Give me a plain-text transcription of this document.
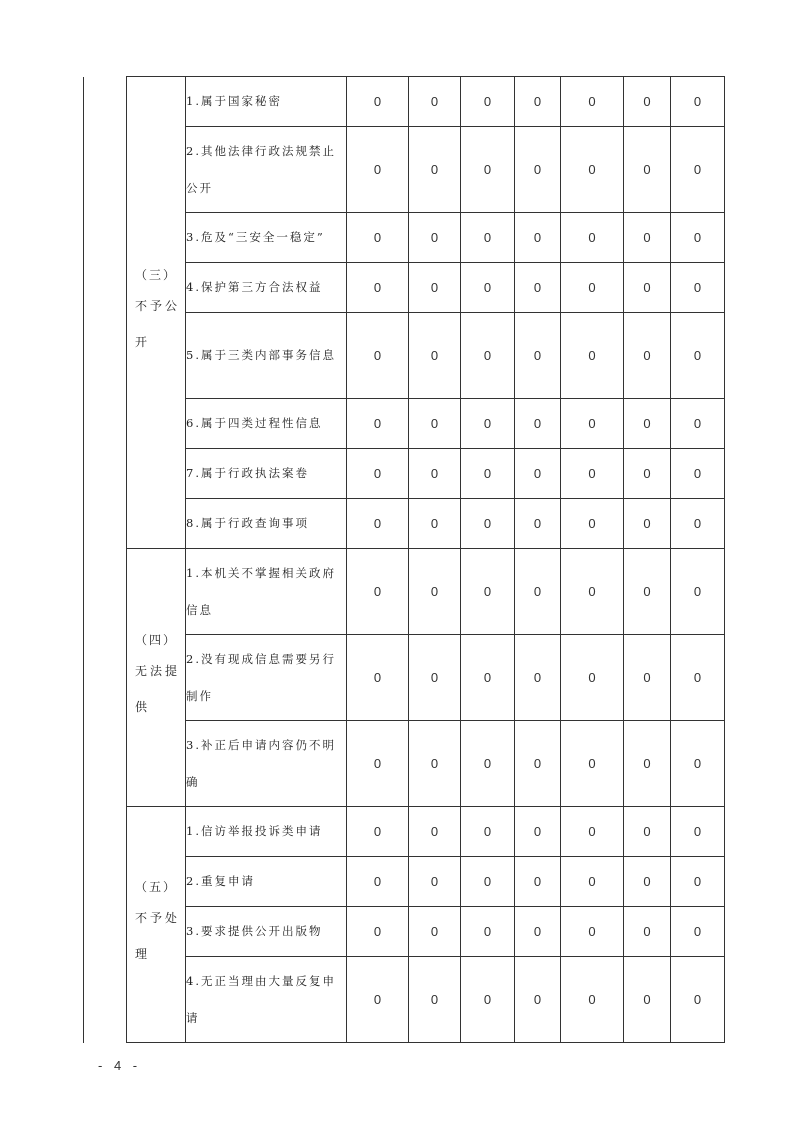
	（三）
不予公
开	1.属于国家秘密	0	0	0	0	0	0	0
		2.其他法律行政法规禁止公开	0	0	0	0	0	0	0
		3.危及“三安全一稳定”	0	0	0	0	0	0	0
		4.保护第三方合法权益	0	0	0	0	0	0	0
		5.属于三类内部事务信息	0	0	0	0	0	0	0
		6.属于四类过程性信息	0	0	0	0	0	0	0
		7.属于行政执法案卷	0	0	0	0	0	0	0
		8.属于行政查询事项	0	0	0	0	0	0	0

	（四）
无法提
供	1.本机关不掌握相关政府信息	0	0	0	0	0	0	0
		2.没有现成信息需要另行制作	0	0	0	0	0	0	0
		3.补正后申请内容仍不明确	0	0	0	0	0	0	0

	（五）
不予处
理	1.信访举报投诉类申请	0	0	0	0	0	0	0
		2.重复申请	0	0	0	0	0	0	0
		3.要求提供公开出版物	0	0	0	0	0	0	0
		4.无正当理由大量反复申请	0	0	0	0	0	0	0
- 4 -
